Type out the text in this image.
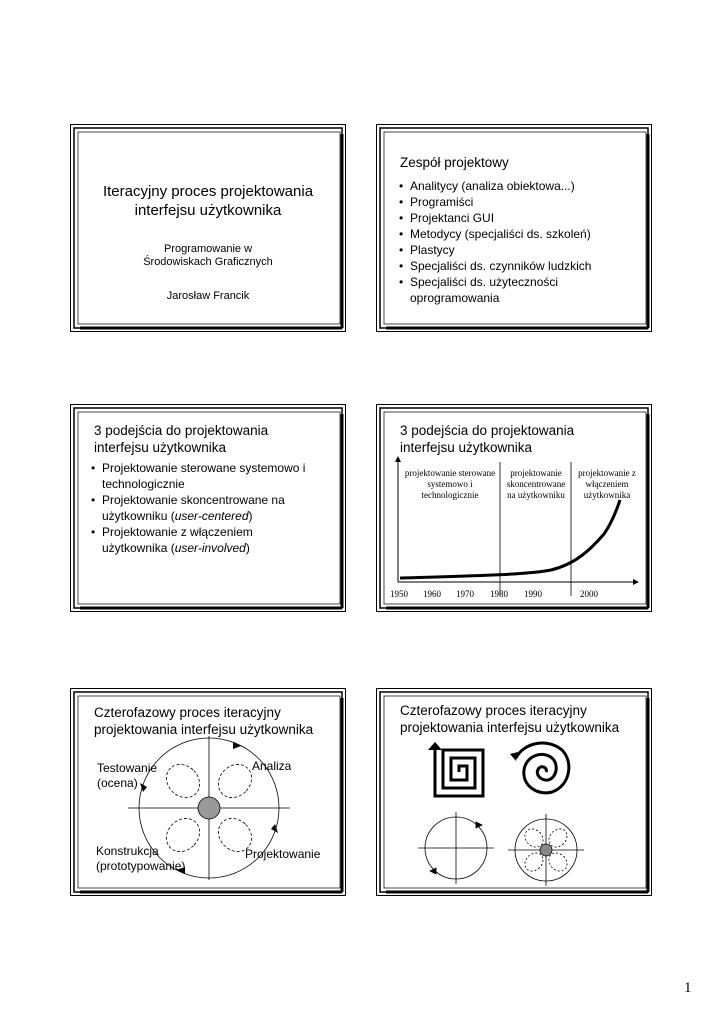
Iteracyjny proces projektowania interfejsu użytkownika
Programowanie w Środowiskach Graficznych
Jarosław Francik
Zespół projektowy
• Analitycy (analiza obiektowa...)
• Programiści
• Projektanci GUI
• Metodycy (specjaliści ds. szkoleń)
• Plastycy
• Specjaliści ds. czynników ludzkich
• Specjaliści ds. użyteczności oprogramowania
3 podejścia do projektowania interfejsu użytkownika
• Projektowanie sterowane systemowo i technologicznie
• Projektowanie skoncentrowane na użytkowniku (user-centered)
• Projektowanie z włączeniem użytkownika (user-involved)
3 podejścia do projektowania interfejsu użytkownika
projektowanie sterowane systemowo i technologicznie
projektowanie skoncentrowane na użytkowniku
projektowanie z włączeniem użytkownika
1950 1960 1970 1980 1990	2000
Czterofazowy proces iteracyjny projektowania interfejsu użytkownika
Testowanie (ocena)
Analiza
Konstrukcja (prototypowanie)
Projektowanie
Czterofazowy proces iteracyjny projektowania interfejsu użytkownika
1
